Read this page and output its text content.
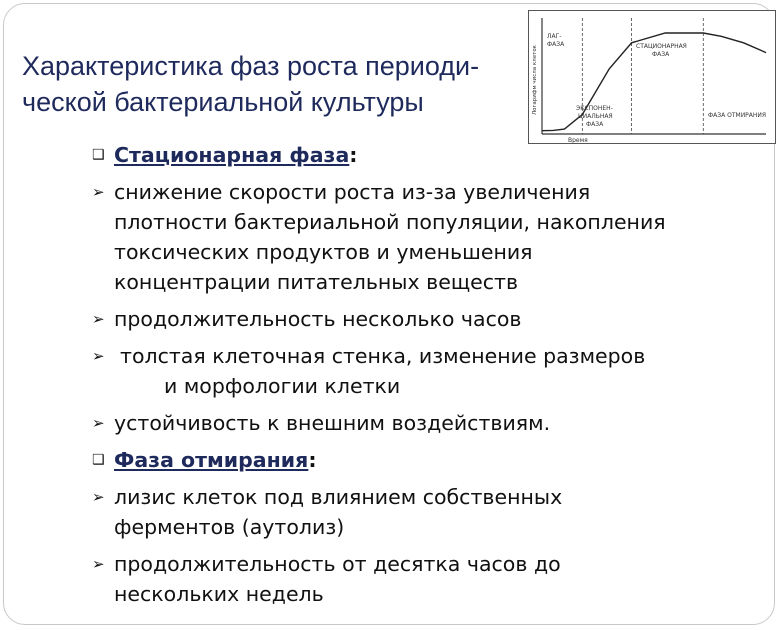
Характеристика фаз роста периоди-
ческой бактериальной культуры	Логарифм числа клеток
Время
ЛАГ- ФАЗА
ЭКСПОНЕН- ЦИАЛЬНАЯ ФАЗА
СТАЦИОНАРНАЯ ФАЗА
ФАЗА ОТМИРАНИЯ
❑ Стационарная фаза:
➢ снижение скорости роста из-за увеличения
плотности бактериальной популяции, накопления
токсических продуктов и уменьшения
концентрации питательных веществ
➢ продолжительность несколько часов
➢ толстая клеточная стенка, изменение размеров
и морфологии клетки
➢ устойчивость к внешним воздействиям.
❑ Фаза отмирания:
➢ лизис клеток под влиянием собственных
ферментов (аутолиз)
➢ продолжительность от десятка часов до
нескольких недель
